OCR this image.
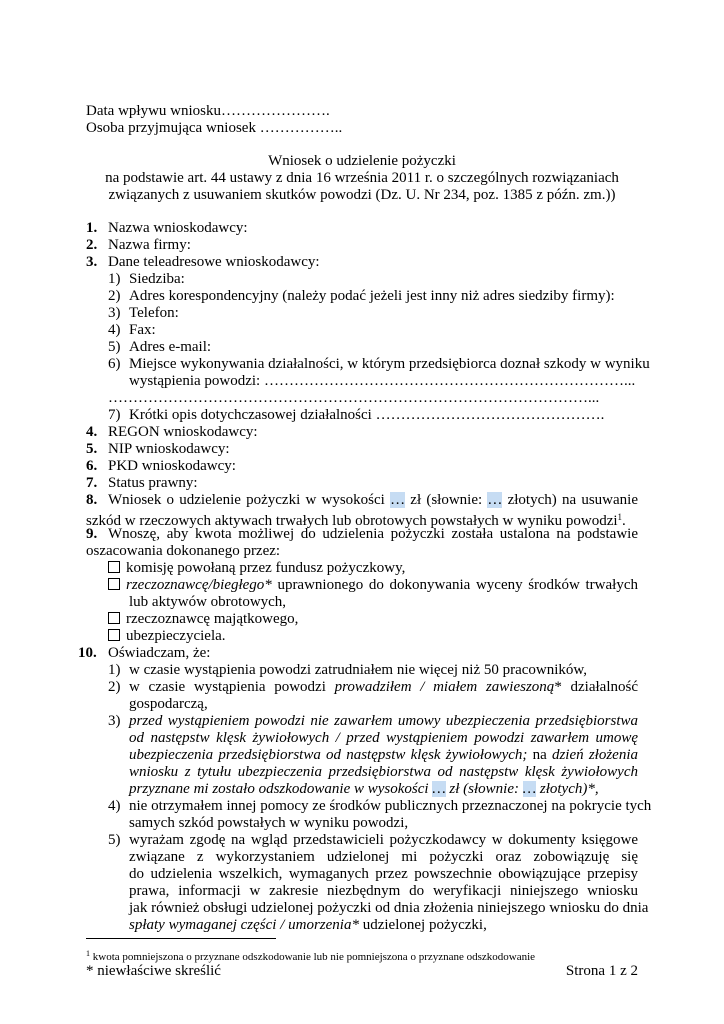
Data wpływu wniosku………………….
Osoba przyjmująca wniosek ……………..
Wniosek o udzielenie pożyczki
na podstawie art. 44 ustawy z dnia 16 września 2011 r. o szczególnych rozwiązaniach
związanych z usuwaniem skutków powodzi (Dz. U. Nr 234, poz. 1385 z późn. zm.))
1. Nazwa wnioskodawcy:
2. Nazwa firmy:
3. Dane teleadresowe wnioskodawcy:
1) Siedziba:
2) Adres korespondencyjny (należy podać jeżeli jest inny niż adres siedziby firmy):
3) Telefon:
4) Fax:
5) Adres e-mail:
6) Miejsce wykonywania działalności, w którym przedsiębiorca doznał szkody w wyniku
wystąpienia powodzi: ………………………………………………………………...
……………………………………………………………………………………...
7) Krótki opis dotychczasowej działalności ……………………………………….
4. REGON wnioskodawcy:
5. NIP wnioskodawcy:
6. PKD wnioskodawcy:
7. Status prawny:
8. Wniosek o udzielenie pożyczki w wysokości … zł (słownie: … złotych) na usuwanie
szkód w rzeczowych aktywach trwałych lub obrotowych powstałych w wyniku powodzi$^1$.
9. Wnoszę, aby kwota możliwej do udzielenia pożyczki została ustalona na podstawie
oszacowania dokonanego przez:
komisję powołaną przez fundusz pożyczkowy,
rzeczoznawcę/biegłego* uprawnionego do dokonywania wyceny środków trwałych
lub aktywów obrotowych,
rzeczoznawcę majątkowego,
ubezpieczyciela.
10. Oświadczam, że:
1) w czasie wystąpienia powodzi zatrudniałem nie więcej niż 50 pracowników,
2) w czasie wystąpienia powodzi prowadziłem / miałem zawieszoną* działalność
gospodarczą,
3) przed wystąpieniem powodzi nie zawarłem umowy ubezpieczenia przedsiębiorstwa
od następstw klęsk żywiołowych / przed wystąpieniem powodzi zawarłem umowę
ubezpieczenia przedsiębiorstwa od następstw klęsk żywiołowych; na dzień złożenia
wniosku z tytułu ubezpieczenia przedsiębiorstwa od następstw klęsk żywiołowych
przyznane mi zostało odszkodowanie w wysokości … zł (słownie: … złotych)*,
4) nie otrzymałem innej pomocy ze środków publicznych przeznaczonej na pokrycie tych
samych szkód powstałych w wyniku powodzi,
5) wyrażam zgodę na wgląd przedstawicieli pożyczkodawcy w dokumenty księgowe
związane z wykorzystaniem udzielonej mi pożyczki oraz zobowiązuję się
do udzielenia wszelkich, wymaganych przez powszechnie obowiązujące przepisy
prawa, informacji w zakresie niezbędnym do weryfikacji niniejszego wniosku
jak również obsługi udzielonej pożyczki od dnia złożenia niniejszego wniosku do dnia
spłaty wymaganej części / umorzenia* udzielonej pożyczki,
$^1$ kwota pomniejszona o przyznane odszkodowanie lub nie pomniejszona o przyznane odszkodowanie
* niewłaściwe skreślić	Strona 1 z 2
